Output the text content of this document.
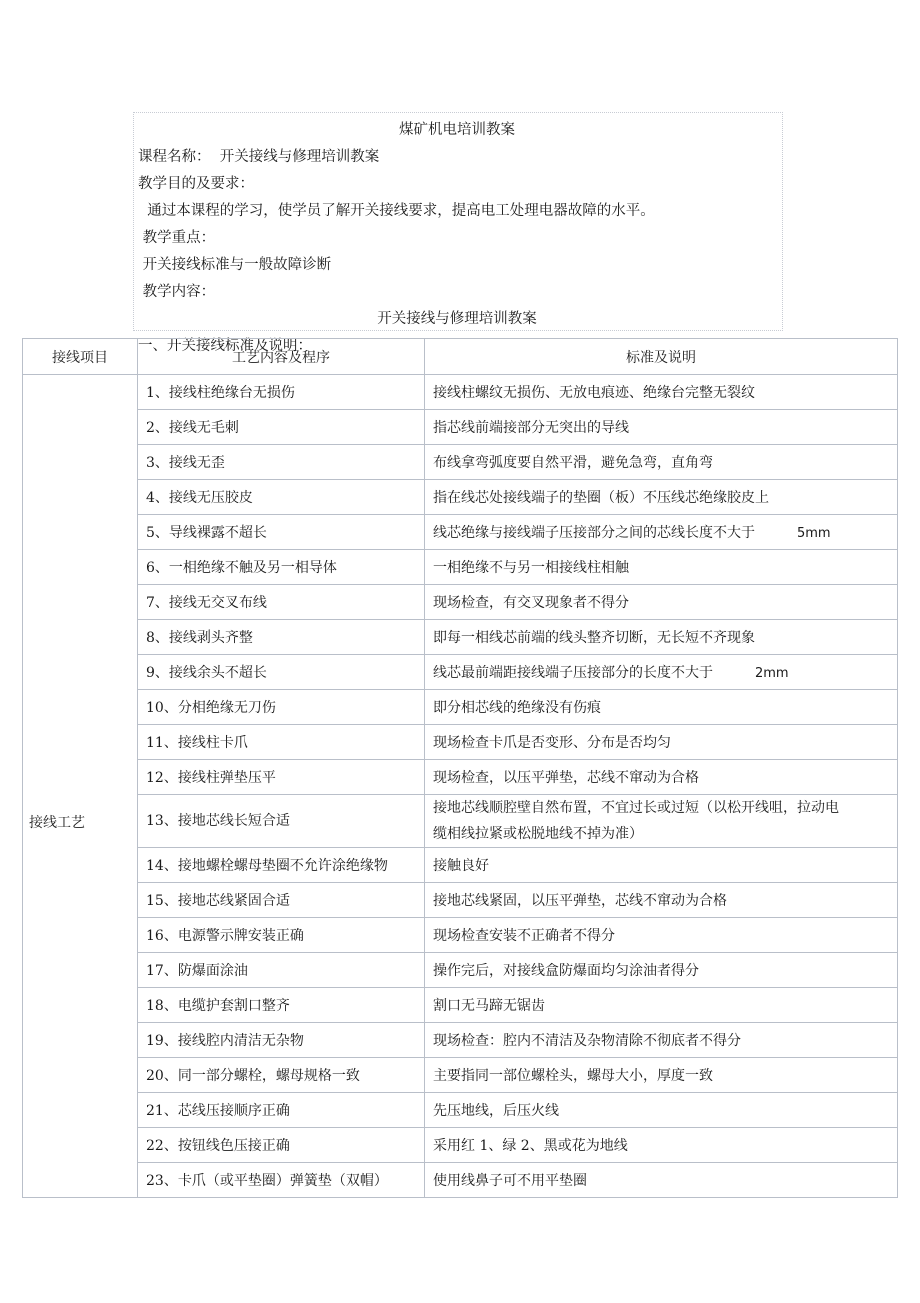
煤矿机电培训教案
课程名称：  开关接线与修理培训教案
教学目的及要求：
通过本课程的学习，使学员了解开关接线要求，提高电工处理电器故障的水平。
教学重点：
开关接线标准与一般故障诊断
教学内容：
开关接线与修理培训教案
一、开关接线标准及说明：
接线项目	工艺内容及程序	标准及说明

接线工艺	1、接线柱绝缘台无损伤	接线柱螺纹无损伤、无放电痕迹、绝缘台完整无裂纹
	2、接线无毛刺	指芯线前端接部分无突出的导线
	3、接线无歪	布线拿弯弧度要自然平滑，避免急弯，直角弯
	4、接线无压胶皮	指在线芯处接线端子的垫圈（板）不压线芯绝缘胶皮上
	5、导线裸露不超长	线芯绝缘与接线端子压接部分之间的芯线长度不大于 5mm
	6、一相绝缘不触及另一相导体	一相绝缘不与另一相接线柱相触
	7、接线无交叉布线	现场检查，有交叉现象者不得分
	8、接线剥头齐整	即每一相线芯前端的线头整齐切断，无长短不齐现象
	9、接线余头不超长	线芯最前端距接线端子压接部分的长度不大于 2mm
	10、分相绝缘无刀伤	即分相芯线的绝缘没有伤痕
	11、接线柱卡爪	现场检查卡爪是否变形、分布是否均匀
	12、接线柱弹垫压平	现场检查，以压平弹垫，芯线不窜动为合格
	13、接地芯线长短合适	接地芯线顺腔壁自然布置，不宜过长或过短（以松开线咀，拉动电
缆相线拉紧或松脱地线不掉为准）

	14、接地螺栓螺母垫圈不允许涂绝缘物	接触良好
	15、接地芯线紧固合适	接地芯线紧固，以压平弹垫，芯线不窜动为合格
	16、电源警示牌安装正确	现场检查安装不正确者不得分
	17、防爆面涂油	操作完后，对接线盒防爆面均匀涂油者得分
	18、电缆护套割口整齐	割口无马蹄无锯齿
	19、接线腔内清洁无杂物	现场检查：腔内不清洁及杂物清除不彻底者不得分
	20、同一部分螺栓，螺母规格一致	主要指同一部位螺栓头，螺母大小，厚度一致
	21、芯线压接顺序正确	先压地线，后压火线
	22、按钮线色压接正确	采用红 1、绿 2、黑或花为地线
	23、卡爪（或平垫圈）弹簧垫（双帽）	使用线鼻子可不用平垫圈
